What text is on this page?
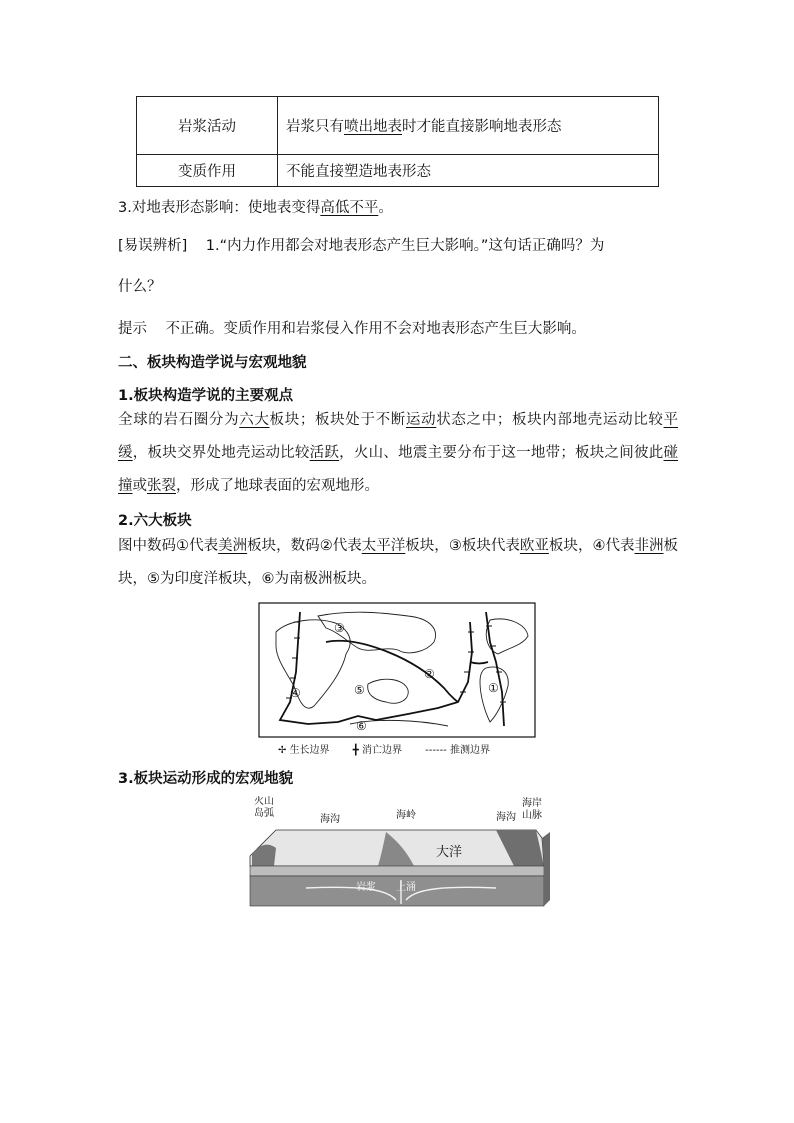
岩浆活动	岩浆只有喷出地表时才能直接影响地表形态
变质作用	不能直接塑造地表形态
3.对地表形态影响：使地表变得高低不平。
[易误辨析] 1.“内力作用都会对地表形态产生巨大影响。”这句话正确吗？为
什么？
提示 不正确。变质作用和岩浆侵入作用不会对地表形态产生巨大影响。
二、板块构造学说与宏观地貌
1.板块构造学说的主要观点
全球的岩石圈分为六大板块；板块处于不断运动状态之中；板块内部地壳运动比较平缓，板块交界处地壳运动比较活跃，火山、地震主要分布于这一地带；板块之间彼此碰撞或张裂，形成了地球表面的宏观地形。
2.六大板块
图中数码①代表美洲板块，数码②代表太平洋板块，③板块代表欧亚板块，④代表非洲板块，⑤为印度洋板块，⑥为南极洲板块。
①
②
③
④	⑤
⑥
✢ 生长边界 ╋ 消亡边界 ------ 推测边界
3.板块运动形成的宏观地貌
火山
岛弧
海沟	海岭	海沟
海岸
山脉
大洋
岩浆 上涌
